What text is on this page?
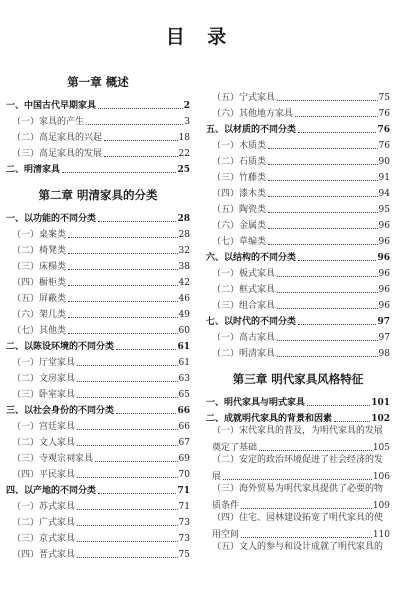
目 录
第一章 概述
一、中国古代早期家具	2
（一）家具的产生	3
（二）高足家具的兴起	18
（三）高足家具的发展	22
二、明清家具	25
第二章 明清家具的分类
一、以功能的不同分类	28
（一）桌案类	28
（二）椅凳类	32
（三）床榻类	38
（四）橱柜类	42
（五）屏蔽类	46
（六）架几类	49
（七）其他类	60
二、以陈设环境的不同分类	61
（一）厅堂家具	61
（二）文房家具	63
（三）卧室家具	65
三、以社会身份的不同分类	66
（一）宫廷家具	66
（二）文人家具	67
（三）寺观宗祠家具	69
（四）平民家具	70
四、以产地的不同分类	71
（一）苏式家具	71
（二）广式家具	73
（三）京式家具	73
（四）晋式家具	75
（五）宁式家具	75
（六）其他地方家具	76
五、以材质的不同分类	76
（一）木质类	76
（二）石质类	90
（三）竹藤类	91
（四）漆木类	94
（五）陶瓷类	95
（六）金属类	96
（七）草编类	96
六、以结构的不同分类	96
（一）板式家具	96
（二）框式家具	96
（三）组合家具	96
七、以时代的不同分类	97
（一）高古家具	97
（二）明清家具	98
第三章 明代家具风格特征
一、明代家具与明式家具	101
二、成就明代家具的背景和因素	102
（一）宋代家具的普及，为明代家具的发展
奠定了基础	105
（二）安定的政治环境促进了社会经济的发
展	106
（三）海外贸易为明代家具提供了必要的物
质条件	109
（四）住宅、园林建设拓宽了明代家具的使
用空间	110
（五）文人的参与和设计成就了明代家具的
